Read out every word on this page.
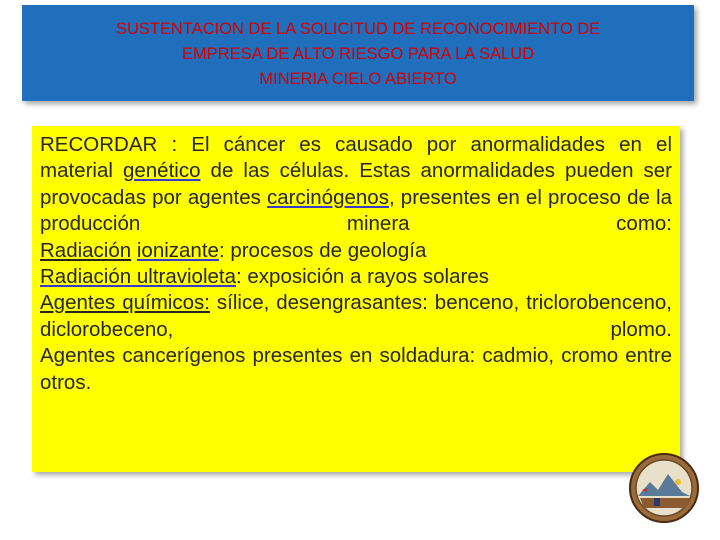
SUSTENTACION DE LA SOLICITUD DE RECONOCIMIENTO DE
EMPRESA DE ALTO RIESGO PARA LA SALUD
MINERIA CIELO ABIERTO

RECORDAR : El cáncer es causado por anormalidades en el material genético de las células. Estas anormalidades pueden ser provocadas por agentes carcinógenos, presentes en el proceso de la producción minera como:

Radiación ionizante: procesos de geología

Radiación ultravioleta: exposición a rayos solares

Agentes químicos: sílice, desengrasantes: benceno, triclorobenceno, diclorobeceno, plomo.

Agentes cancerígenos presentes en soldadura: cadmio, cromo entre otros.
